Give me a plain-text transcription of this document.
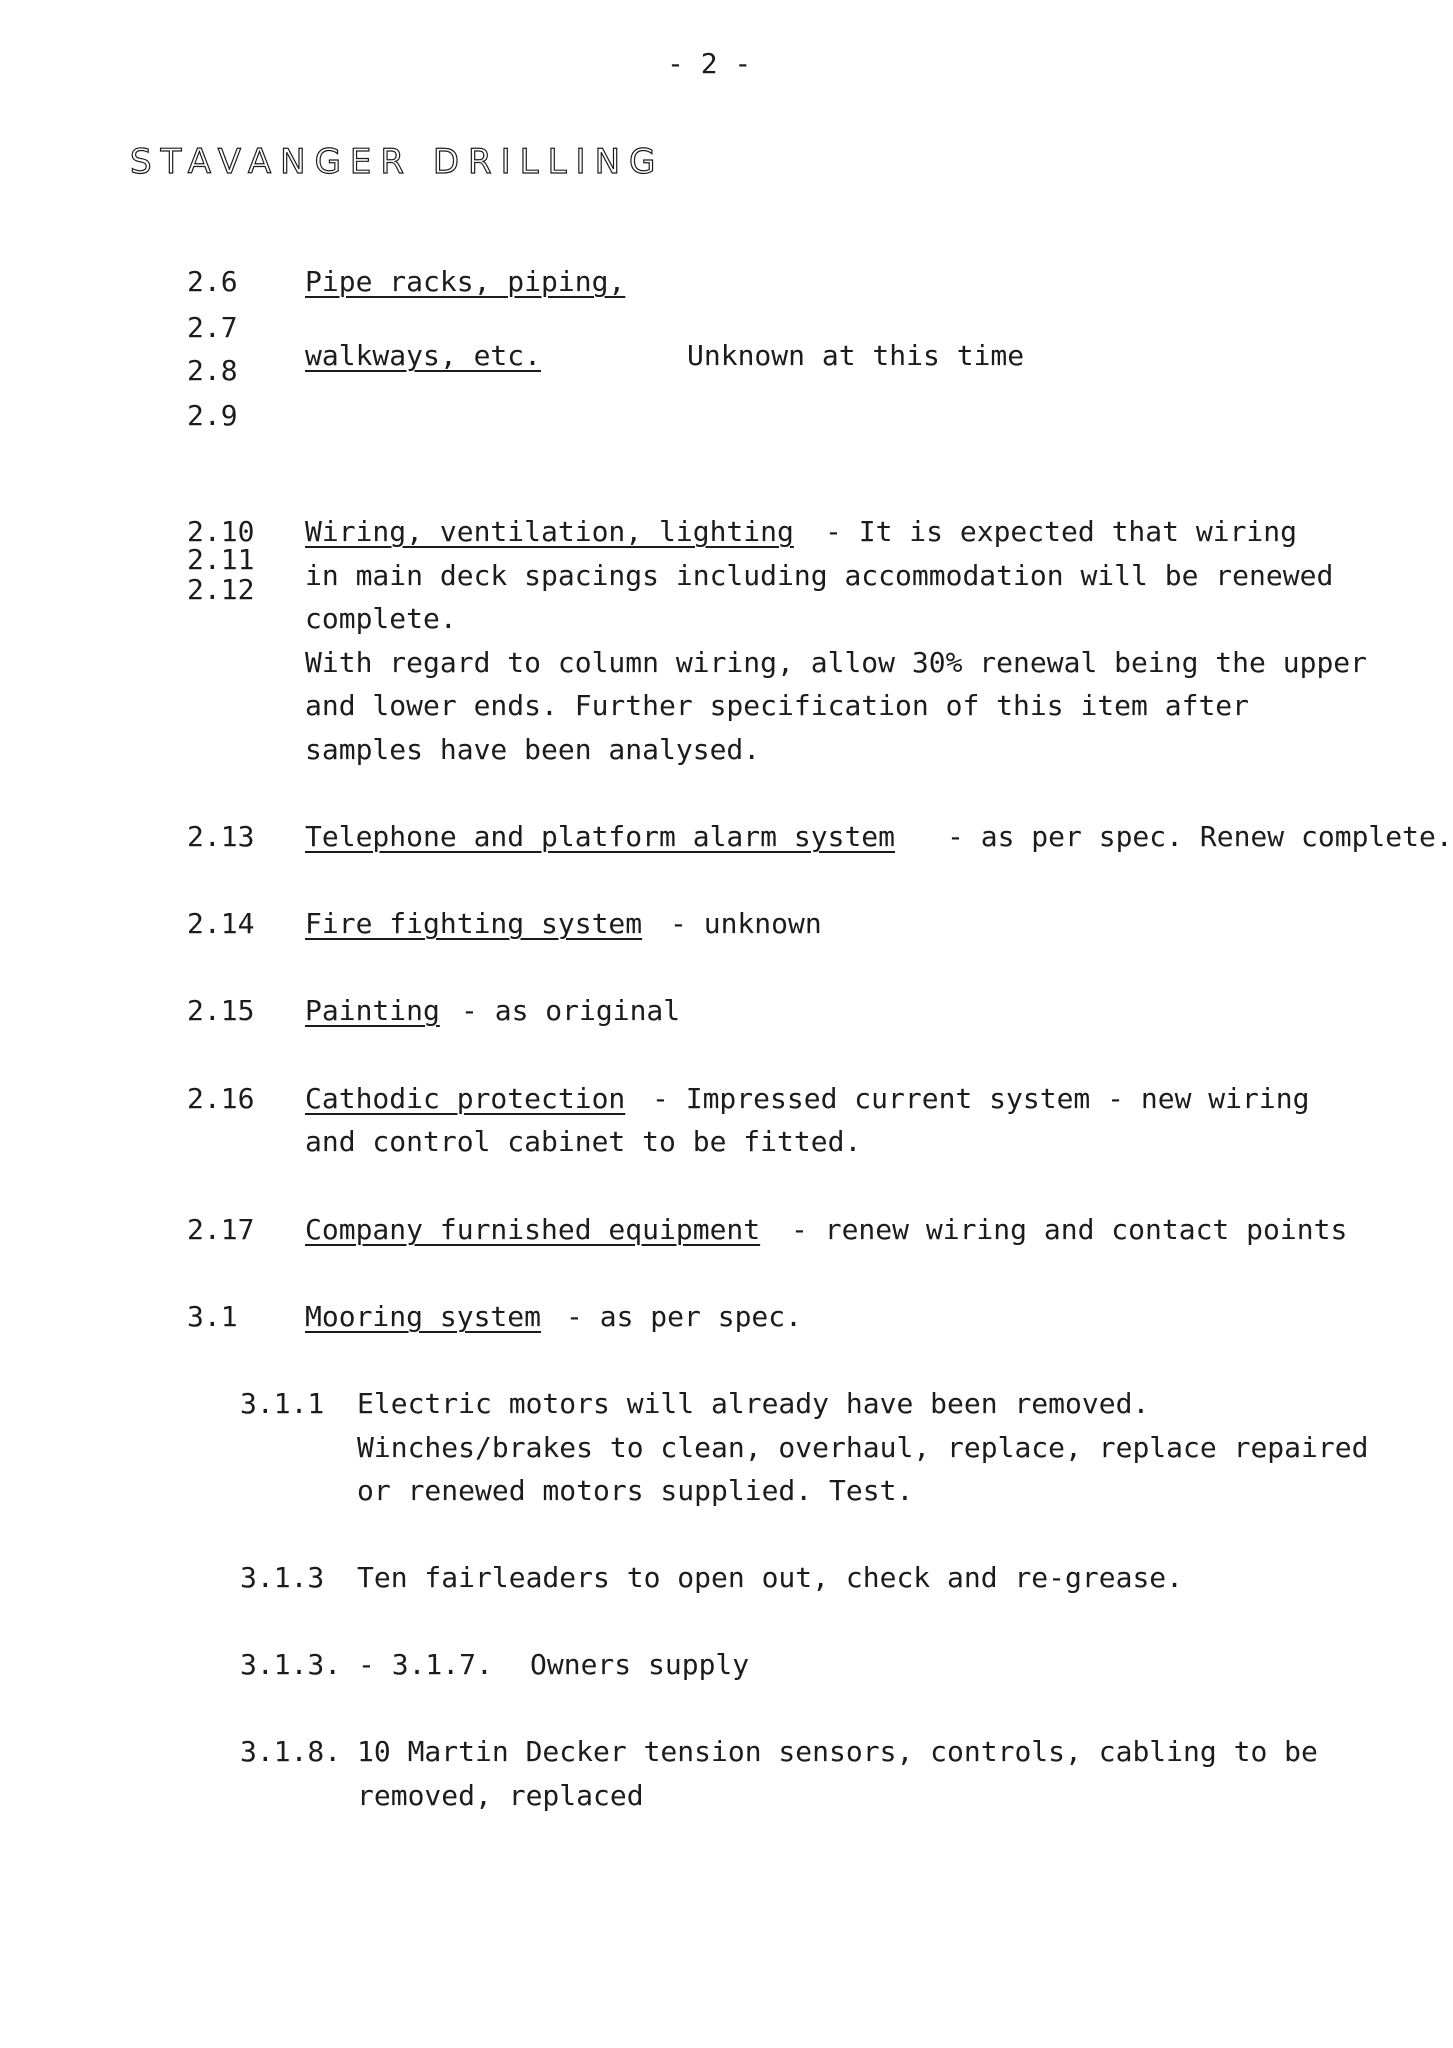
- 2 -
STAVANGER DRILLING
2.6 Pipe racks, piping,
2.7
2.8 walkways, etc.	Unknown at this time
2.9
2.10
2.11
2.12
Wiring, ventilation, lighting - It is expected that wiring
in main deck spacings including accommodation will be renewed
complete.
With regard to column wiring, allow 30% renewal being the upper
and lower ends. Further specification of this item after
samples have been analysed.
2.13 Telephone and platform alarm system - as per spec. Renew complete.
2.14 Fire fighting system - unknown
2.15 Painting - as original
2.16 Cathodic protection - Impressed current system - new wiring
and control cabinet to be fitted.
2.17 Company furnished equipment - renew wiring and contact points
3.1 Mooring system - as per spec.
3.1.1 Electric motors will already have been removed.
Winches/brakes to clean, overhaul, replace, replace repaired
or renewed motors supplied. Test.
3.1.3 Ten fairleaders to open out, check and re-grease.
3.1.3. - 3.1.7. Owners supply
3.1.8. 10 Martin Decker tension sensors, controls, cabling to be
removed, replaced
